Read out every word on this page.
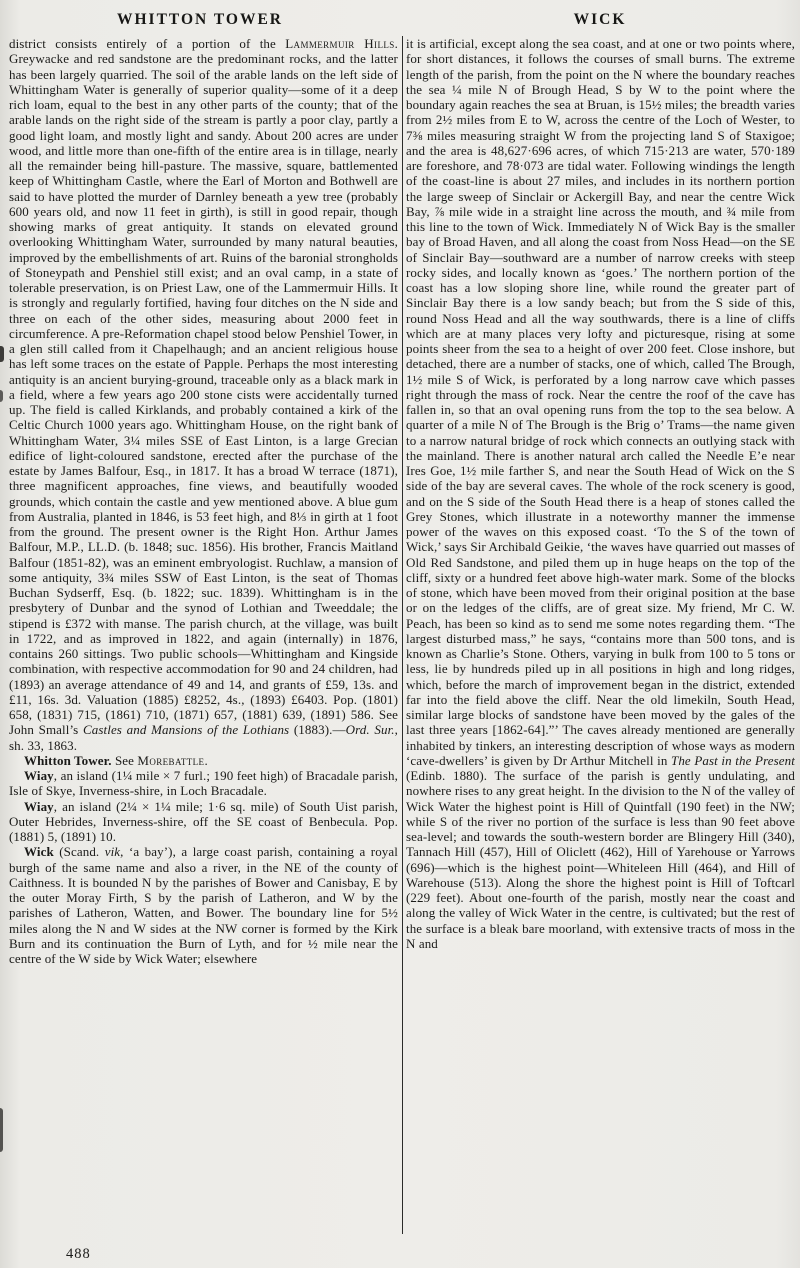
WHITTON TOWER	WICK

district consists entirely of a portion of the Lammermuir Hills. Greywacke and red sandstone are the predominant rocks, and the latter has been largely quarried. The soil of the arable lands on the left side of Whittingham Water is generally of superior quality—some of it a deep rich loam, equal to the best in any other parts of the county; that of the arable lands on the right side of the stream is partly a poor clay, partly a good light loam, and mostly light and sandy. About 200 acres are under wood, and little more than one-fifth of the entire area is in tillage, nearly all the remainder being hill-pasture. The massive, square, battlemented keep of Whittingham Castle, where the Earl of Morton and Bothwell are said to have plotted the murder of Darnley beneath a yew tree (probably 600 years old, and now 11 feet in girth), is still in good repair, though showing marks of great antiquity. It stands on elevated ground overlooking Whittingham Water, surrounded by many natural beauties, improved by the embellishments of art. Ruins of the baronial strongholds of Stoneypath and Penshiel still exist; and an oval camp, in a state of tolerable preservation, is on Priest Law, one of the Lammermuir Hills. It is strongly and regularly fortified, having four ditches on the N side and three on each of the other sides, measuring about 2000 feet in circumference. A pre-Reformation chapel stood below Penshiel Tower, in a glen still called from it Chapelhaugh; and an ancient religious house has left some traces on the estate of Papple. Perhaps the most interesting antiquity is an ancient burying-ground, traceable only as a black mark in a field, where a few years ago 200 stone cists were accidentally turned up. The field is called Kirklands, and probably contained a kirk of the Celtic Church 1000 years ago. Whittingham House, on the right bank of Whittingham Water, 3¼ miles SSE of East Linton, is a large Grecian edifice of light-coloured sandstone, erected after the purchase of the estate by James Balfour, Esq., in 1817. It has a broad W terrace (1871), three magnificent approaches, fine views, and beautifully wooded grounds, which contain the castle and yew mentioned above. A blue gum from Australia, planted in 1846, is 53 feet high, and 8⅓ in girth at 1 foot from the ground. The present owner is the Right Hon. Arthur James Balfour, M.P., LL.D. (b. 1848; suc. 1856). His brother, Francis Maitland Balfour (1851-82), was an eminent embryologist. Ruchlaw, a mansion of some antiquity, 3¾ miles SSW of East Linton, is the seat of Thomas Buchan Sydserff, Esq. (b. 1822; suc. 1839). Whittingham is in the presbytery of Dunbar and the synod of Lothian and Tweeddale; the stipend is £372 with manse. The parish church, at the village, was built in 1722, and as improved in 1822, and again (internally) in 1876, contains 260 sittings. Two public schools—Whittingham and Kingside combination, with respective accommodation for 90 and 24 children, had (1893) an average attendance of 49 and 14, and grants of £59, 13s. and £11, 16s. 3d. Valuation (1885) £8252, 4s., (1893) £6403. Pop. (1801) 658, (1831) 715, (1861) 710, (1871) 657, (1881) 639, (1891) 586. See John Small’s Castles and Mansions of the Lothians (1883).—Ord. Sur., sh. 33, 1863.

Whitton Tower. See Morebattle.

Wiay, an island (1¼ mile × 7 furl.; 190 feet high) of Bracadale parish, Isle of Skye, Inverness-shire, in Loch Bracadale.

Wiay, an island (2¼ × 1¼ mile; 1·6 sq. mile) of South Uist parish, Outer Hebrides, Inverness-shire, off the SE coast of Benbecula. Pop. (1881) 5, (1891) 10.

Wick (Scand. vik, ‘a bay’), a large coast parish, containing a royal burgh of the same name and also a river, in the NE of the county of Caithness. It is bounded N by the parishes of Bower and Canisbay, E by the outer Moray Firth, S by the parish of Latheron, and W by the parishes of Latheron, Watten, and Bower. The boundary line for 5½ miles along the N and W sides at the NW corner is formed by the Kirk Burn and its continuation the Burn of Lyth, and for ½ mile near the centre of the W side by Wick Water; elsewhere

it is artificial, except along the sea coast, and at one or two points where, for short distances, it follows the courses of small burns. The extreme length of the parish, from the point on the N where the boundary reaches the sea ¼ mile N of Brough Head, S by W to the point where the boundary again reaches the sea at Bruan, is 15½ miles; the breadth varies from 2½ miles from E to W, across the centre of the Loch of Wester, to 7⅜ miles measuring straight W from the projecting land S of Staxigoe; and the area is 48,627·696 acres, of which 715·213 are water, 570·189 are foreshore, and 78·073 are tidal water. Following windings the length of the coast-line is about 27 miles, and includes in its northern portion the large sweep of Sinclair or Ackergill Bay, and near the centre Wick Bay, ⅞ mile wide in a straight line across the mouth, and ¾ mile from this line to the town of Wick. Immediately N of Wick Bay is the smaller bay of Broad Haven, and all along the coast from Noss Head—on the SE of Sinclair Bay—southward are a number of narrow creeks with steep rocky sides, and locally known as ‘goes.’ The northern portion of the coast has a low sloping shore line, while round the greater part of Sinclair Bay there is a low sandy beach; but from the S side of this, round Noss Head and all the way southwards, there is a line of cliffs which are at many places very lofty and picturesque, rising at some points sheer from the sea to a height of over 200 feet. Close inshore, but detached, there are a number of stacks, one of which, called The Brough, 1½ mile S of Wick, is perforated by a long narrow cave which passes right through the mass of rock. Near the centre the roof of the cave has fallen in, so that an oval opening runs from the top to the sea below. A quarter of a mile N of The Brough is the Brig o’ Trams—the name given to a narrow natural bridge of rock which connects an outlying stack with the mainland. There is another natural arch called the Needle E’e near Ires Goe, 1½ mile farther S, and near the South Head of Wick on the S side of the bay are several caves. The whole of the rock scenery is good, and on the S side of the South Head there is a heap of stones called the Grey Stones, which illustrate in a noteworthy manner the immense power of the waves on this exposed coast. ‘To the S of the town of Wick,’ says Sir Archibald Geikie, ‘the waves have quarried out masses of Old Red Sandstone, and piled them up in huge heaps on the top of the cliff, sixty or a hundred feet above high-water mark. Some of the blocks of stone, which have been moved from their original position at the base or on the ledges of the cliffs, are of great size. My friend, Mr C. W. Peach, has been so kind as to send me some notes regarding them. “The largest disturbed mass,” he says, “contains more than 500 tons, and is known as Charlie’s Stone. Others, varying in bulk from 100 to 5 tons or less, lie by hundreds piled up in all positions in high and long ridges, which, before the march of improvement began in the district, extended far into the field above the cliff. Near the old limekiln, South Head, similar large blocks of sandstone have been moved by the gales of the last three years [1862-64].”’ The caves already mentioned are generally inhabited by tinkers, an interesting description of whose ways as modern ‘cave-dwellers’ is given by Dr Arthur Mitchell in The Past in the Present (Edinb. 1880). The surface of the parish is gently undulating, and nowhere rises to any great height. In the division to the N of the valley of Wick Water the highest point is Hill of Quintfall (190 feet) in the NW; while S of the river no portion of the surface is less than 90 feet above sea-level; and towards the south-western border are Blingery Hill (340), Tannach Hill (457), Hill of Oliclett (462), Hill of Yarehouse or Yarrows (696)—which is the highest point—Whiteleen Hill (464), and Hill of Warehouse (513). Along the shore the highest point is Hill of Toftcarl (229 feet). About one-fourth of the parish, mostly near the coast and along the valley of Wick Water in the centre, is cultivated; but the rest of the surface is a bleak bare moorland, with extensive tracts of moss in the N and

488
